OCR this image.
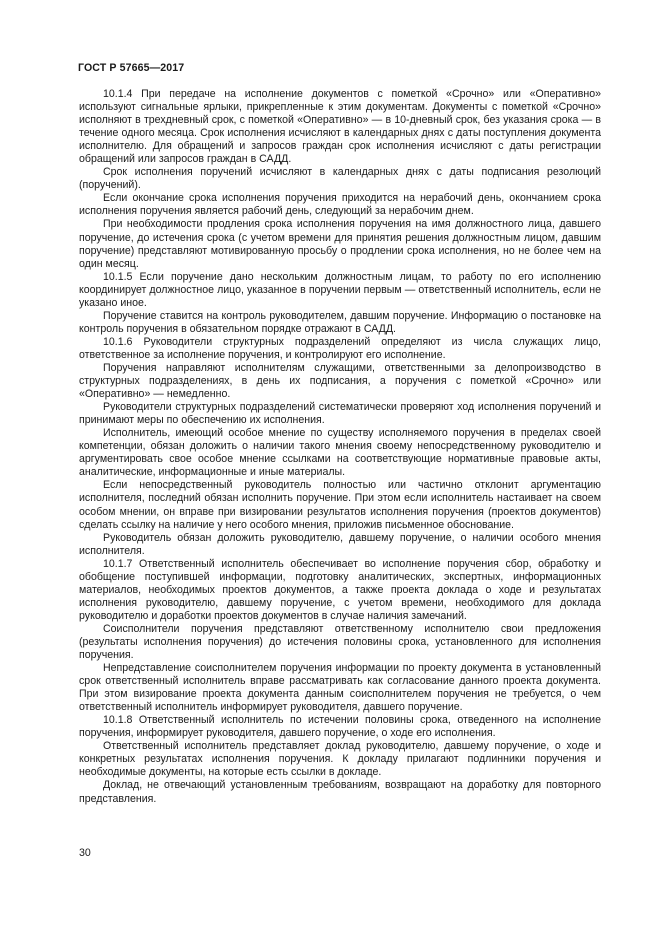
ГОСТ Р 57665—2017

10.1.4 При передаче на исполнение документов с пометкой «Срочно» или «Оперативно» используют сигнальные ярлыки, прикрепленные к этим документам. Документы с пометкой «Срочно» исполняют в трехдневный срок, с пометкой «Оперативно» — в 10-дневный срок, без указания срока — в течение одного месяца. Срок исполнения исчисляют в календарных днях с даты поступления документа исполнителю. Для обращений и запросов граждан срок исполнения исчисляют с даты регистрации обращений или запросов граждан в САДД.

Срок исполнения поручений исчисляют в календарных днях с даты подписания резолюций (поручений).

Если окончание срока исполнения поручения приходится на нерабочий день, окончанием срока исполнения поручения является рабочий день, следующий за нерабочим днем.

При необходимости продления срока исполнения поручения на имя должностного лица, давшего поручение, до истечения срока (с учетом времени для принятия решения должностным лицом, давшим поручение) представляют мотивированную просьбу о продлении срока исполнения, но не более чем на один месяц.

10.1.5 Если поручение дано нескольким должностным лицам, то работу по его исполнению координирует должностное лицо, указанное в поручении первым — ответственный исполнитель, если не указано иное.

Поручение ставится на контроль руководителем, давшим поручение. Информацию о постановке на контроль поручения в обязательном порядке отражают в САДД.

10.1.6 Руководители структурных подразделений определяют из числа служащих лицо, ответственное за исполнение поручения, и контролируют его исполнение.

Поручения направляют исполнителям служащими, ответственными за делопроизводство в структурных подразделениях, в день их подписания, а поручения с пометкой «Срочно» или «Оперативно» — немедленно.

Руководители структурных подразделений систематически проверяют ход исполнения поручений и принимают меры по обеспечению их исполнения.

Исполнитель, имеющий особое мнение по существу исполняемого поручения в пределах своей компетенции, обязан доложить о наличии такого мнения своему непосредственному руководителю и аргументировать свое особое мнение ссылками на соответствующие нормативные правовые акты, аналитические, информационные и иные материалы.

Если непосредственный руководитель полностью или частично отклонит аргументацию исполнителя, последний обязан исполнить поручение. При этом если исполнитель настаивает на своем особом мнении, он вправе при визировании результатов исполнения поручения (проектов документов) сделать ссылку на наличие у него особого мнения, приложив письменное обоснование.

Руководитель обязан доложить руководителю, давшему поручение, о наличии особого мнения исполнителя.

10.1.7 Ответственный исполнитель обеспечивает во исполнение поручения сбор, обработку и обобщение поступившей информации, подготовку аналитических, экспертных, информационных материалов, необходимых проектов документов, а также проекта доклада о ходе и результатах исполнения руководителю, давшему поручение, с учетом времени, необходимого для доклада руководителю и доработки проектов документов в случае наличия замечаний.

Соисполнители поручения представляют ответственному исполнителю свои предложения (результаты исполнения поручения) до истечения половины срока, установленного для исполнения поручения.

Непредставление соисполнителем поручения информации по проекту документа в установленный срок ответственный исполнитель вправе рассматривать как согласование данного проекта документа. При этом визирование проекта документа данным соисполнителем поручения не требуется, о чем ответственный исполнитель информирует руководителя, давшего поручение.

10.1.8 Ответственный исполнитель по истечении половины срока, отведенного на исполнение поручения, информирует руководителя, давшего поручение, о ходе его исполнения.

Ответственный исполнитель представляет доклад руководителю, давшему поручение, о ходе и конкретных результатах исполнения поручения. К докладу прилагают подлинники поручения и необходимые документы, на которые есть ссылки в докладе.

Доклад, не отвечающий установленным требованиям, возвращают на доработку для повторного представления.

30
